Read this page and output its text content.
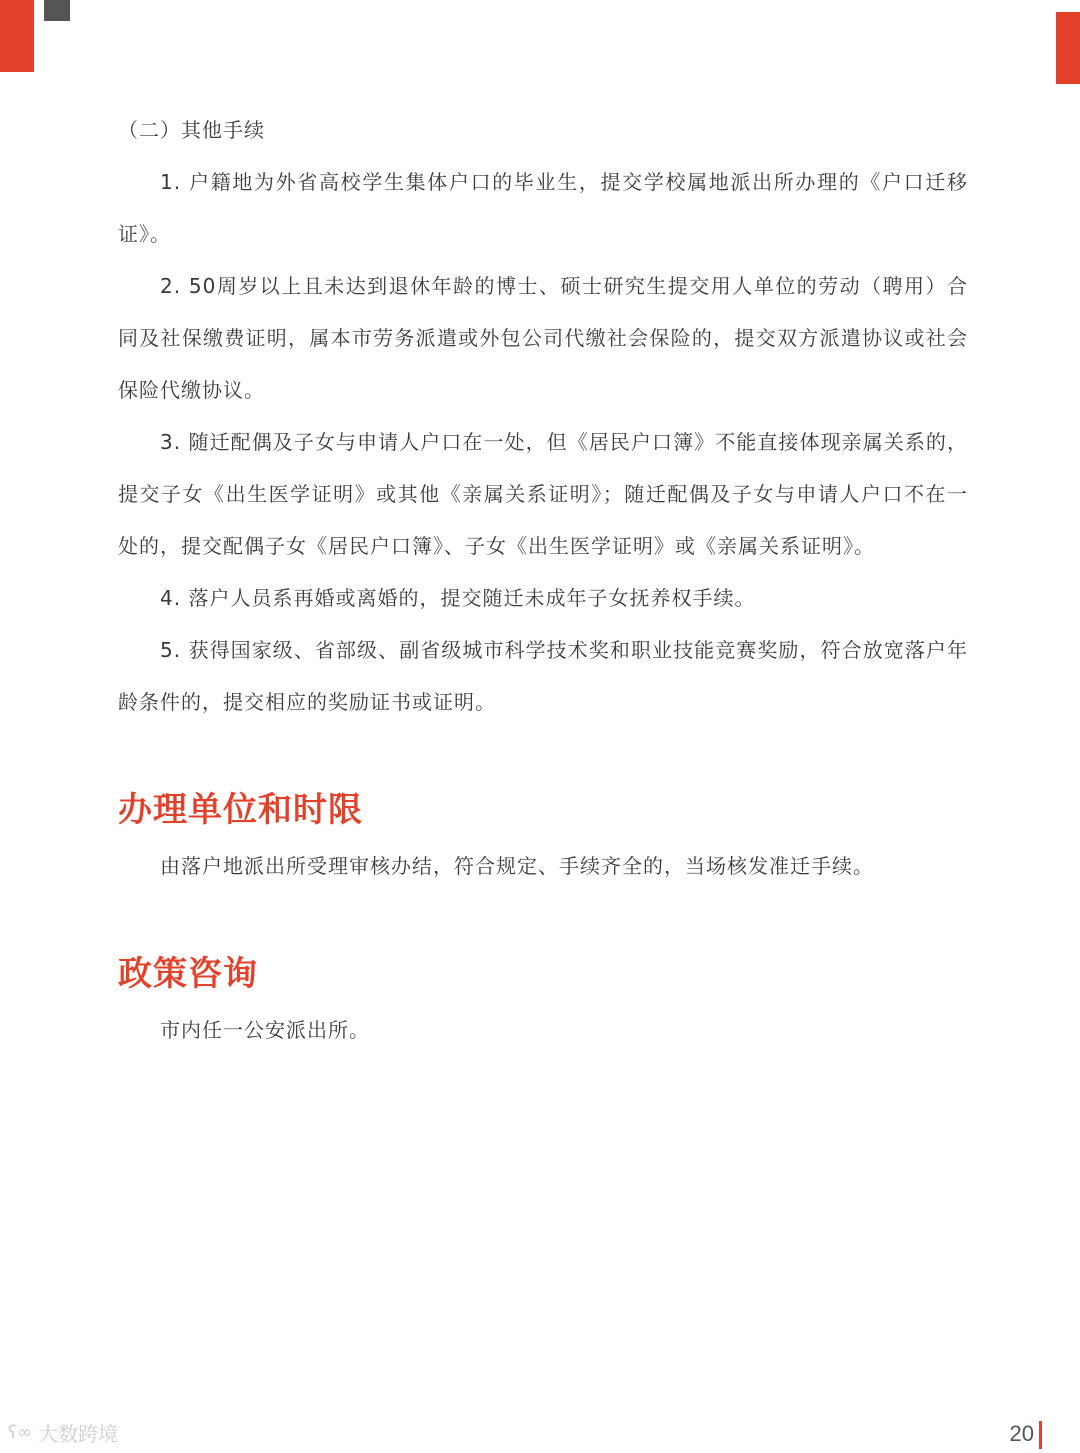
（二）其他手续

1. 户籍地为外省高校学生集体户口的毕业生，提交学校属地派出所办理的《户口迁移证》。

2. 50周岁以上且未达到退休年龄的博士、硕士研究生提交用人单位的劳动（聘用）合同及社保缴费证明，属本市劳务派遣或外包公司代缴社会保险的，提交双方派遣协议或社会保险代缴协议。

3. 随迁配偶及子女与申请人户口在一处，但《居民户口簿》不能直接体现亲属关系的，提交子女《出生医学证明》或其他《亲属关系证明》；随迁配偶及子女与申请人户口不在一处的，提交配偶子女《居民户口簿》、子女《出生医学证明》或《亲属关系证明》。

4. 落户人员系再婚或离婚的，提交随迁未成年子女抚养权手续。

5. 获得国家级、省部级、副省级城市科学技术奖和职业技能竞赛奖励，符合放宽落户年龄条件的，提交相应的奖励证书或证明。

办理单位和时限

由落户地派出所受理审核办结，符合规定、手续齐全的，当场核发准迁手续。

政策咨询

市内任一公安派出所。

ʕ∞ 大数跨境	20
